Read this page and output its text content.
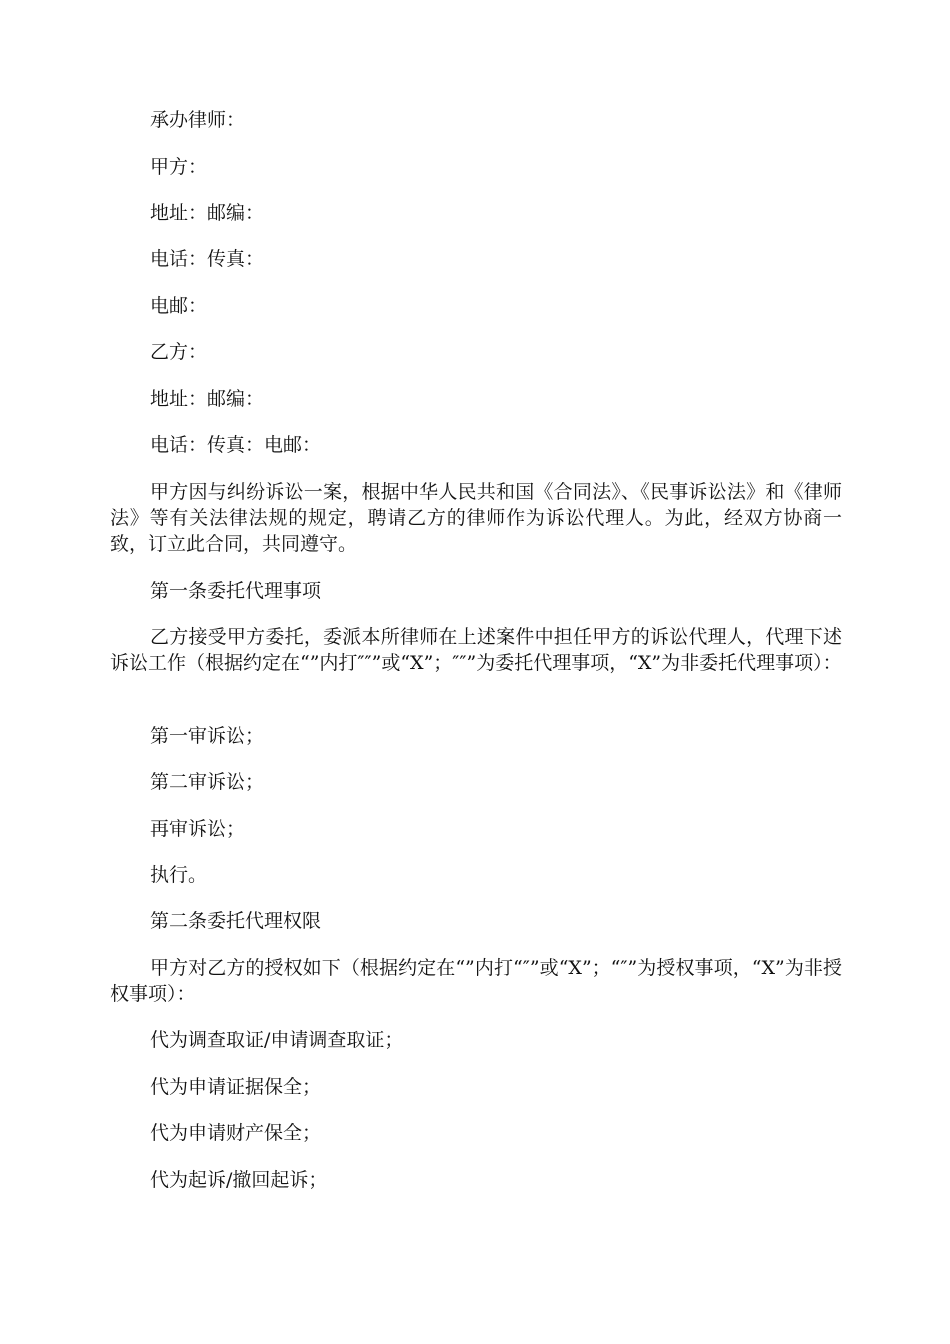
承办律师：
甲方：
地址：邮编：
电话：传真：
电邮：
乙方：
地址：邮编：
电话：传真：电邮：
甲方因与纠纷诉讼一案，根据中华人民共和国《合同法》、《民事诉讼法》和《律师法》等有关法律法规的规定，聘请乙方的律师作为诉讼代理人。为此，经双方协商一致，订立此合同，共同遵守。
第一条委托代理事项
乙方接受甲方委托，委派本所律师在上述案件中担任甲方的诉讼代理人，代理下述诉讼工作（根据约定在“”内打″″”或“X”；″″”为委托代理事项，“X”为非委托代理事项）：
第一审诉讼；
第二审诉讼；
再审诉讼；
执行。
第二条委托代理权限
甲方对乙方的授权如下（根据约定在“”内打“″”或“X”；“″”为授权事项，“X”为非授权事项）：
代为调查取证/申请调查取证；
代为申请证据保全；
代为申请财产保全；
代为起诉/撤回起诉；
